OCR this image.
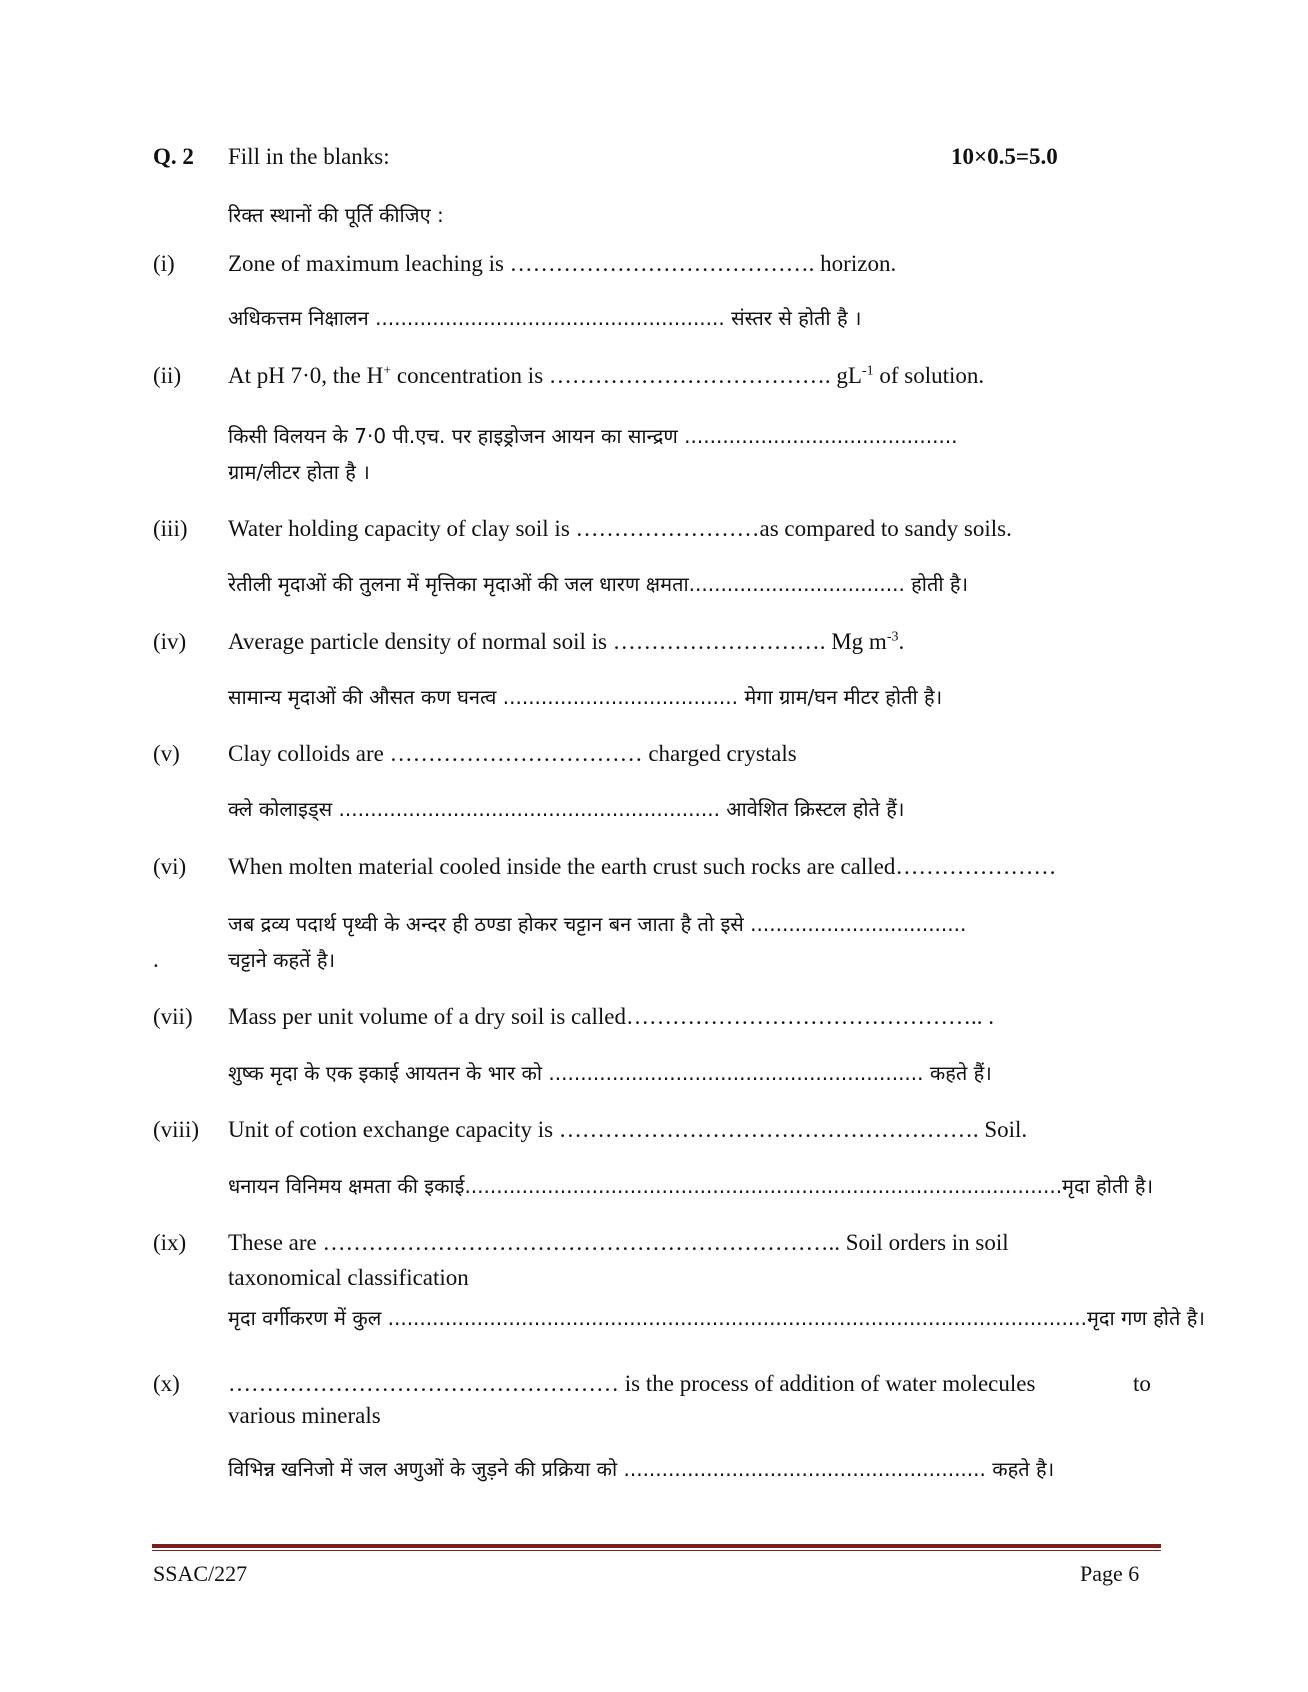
Q. 2 Fill in the blanks:	10×0.5=5.0
रिक्त स्थानों की पूर्ति कीजिए :
(i) Zone of maximum leaching is …………………………………. horizon.
अधिकत्तम निक्षालन ....................................................... संस्तर से होती है ।
(ii) At pH 7·0, the H+ concentration is ………………………………. $gL^{-1}$ of solution.
किसी विलयन के 7·0 पी.एच. पर हाइड्रोजन आयन का सान्द्रण ...........................................
ग्राम/लीटर होता है ।
(iii) Water holding capacity of clay soil is ……………………as compared to sandy soils.
रेतीली मृदाओं की तुलना में मृत्तिका मृदाओं की जल धारण क्षमता.................................. होती है।
(iv) Average particle density of normal soil is ………………………. Mg $m^{-3}$.
सामान्य मृदाओं की औसत कण घनत्व ..................................... मेगा ग्राम/घन मीटर होती है।
(v) Clay colloids are …………………………… charged crystals
क्ले कोलाइड्स ............................................................ आवेशित क्रिस्टल होते हैं।
(vi) When molten material cooled inside the earth crust such rocks are called…………………
जब द्रव्य पदार्थ पृथ्वी के अन्दर ही ठण्डा होकर चट्टान बन जाता है तो इसे ..................................
.	चट्टाने कहतें है।
(vii) Mass per unit volume of a dry soil is called……………………………………….. .
शुष्क मृदा के एक इकाई आयतन के भार को ........................................................... कहते हैं।
(viii) Unit of cotion exchange capacity is ………………………………………………. Soil.
धनायन विनिमय क्षमता की इकाई..............................................................................................मृदा होती है।
(ix) These are ………………………………………………………….. Soil orders in soil
taxonomical classification
मृदा वर्गीकरण में कुल ..............................................................................................................मृदा गण होते है।
(x) …………………………………………… is the process of addition of water molecules	to
various minerals
विभिन्न खनिजो में जल अणुओं के जुड़ने की प्रक्रिया को ......................................................... कहते है।
SSAC/227	Page 6
